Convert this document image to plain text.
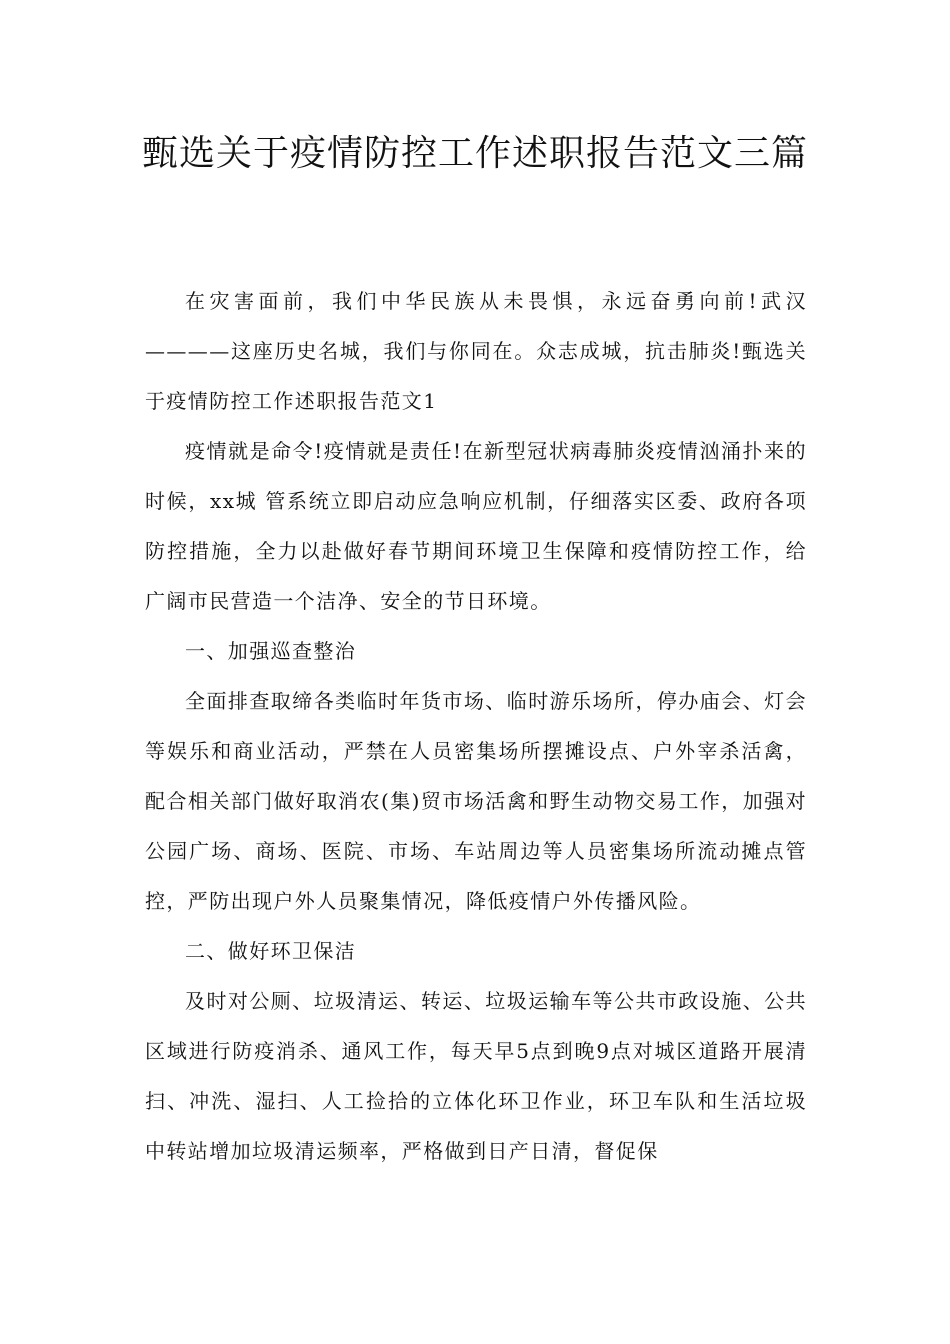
甄选关于疫情防控工作述职报告范文三篇

在灾害面前，我们中华民族从未畏惧，永远奋勇向前!武汉————这座历史名城，我们与你同在。众志成城，抗击肺炎!甄选关于疫情防控工作述职报告范文1

疫情就是命令!疫情就是责任!在新型冠状病毒肺炎疫情汹涌扑来的时候，xx城 管系统立即启动应急响应机制，仔细落实区委、政府各项防控措施，全力以赴做好春节期间环境卫生保障和疫情防控工作，给广阔市民营造一个洁净、安全的节日环境。

一、加强巡查整治

全面排查取缔各类临时年货市场、临时游乐场所，停办庙会、灯会等娱乐和商业活动，严禁在人员密集场所摆摊设点、户外宰杀活禽，配合相关部门做好取消农(集)贸市场活禽和野生动物交易工作，加强对公园广场、商场、医院、市场、车站周边等人员密集场所流动摊点管控，严防出现户外人员聚集情况，降低疫情户外传播风险。

二、做好环卫保洁

及时对公厕、垃圾清运、转运、垃圾运输车等公共市政设施、公共区域进行防疫消杀、通风工作，每天早5点到晚9点对城区道路开展清扫、冲洗、湿扫、人工捡拾的立体化环卫作业，环卫车队和生活垃圾中转站增加垃圾清运频率，严格做到日产日清，督促保
